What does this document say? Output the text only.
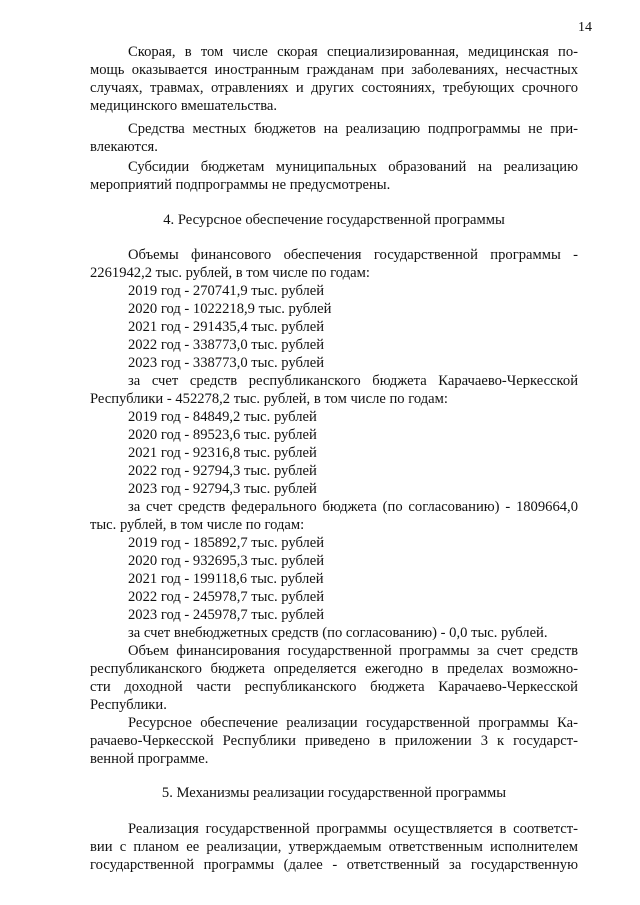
14
Скорая, в том числе скорая специализированная, медицинская по-
мощь оказывается иностранным гражданам при заболеваниях, несчастных
случаях, травмах, отравлениях и других состояниях, требующих срочного
медицинского вмешательства.
Средства местных бюджетов на реализацию подпрограммы не при-
влекаются.
Субсидии бюджетам муниципальных образований на реализацию
мероприятий подпрограммы не предусмотрены.
4. Ресурсное обеспечение государственной программы
Объемы финансового обеспечения государственной программы -
2261942,2 тыс. рублей, в том числе по годам:
2019 год - 270741,9 тыс. рублей
2020 год - 1022218,9 тыс. рублей
2021 год - 291435,4 тыс. рублей
2022 год - 338773,0 тыс. рублей
2023 год - 338773,0 тыс. рублей
за счет средств республиканского бюджета Карачаево-Черкесской
Республики - 452278,2 тыс. рублей, в том числе по годам:
2019 год - 84849,2 тыс. рублей
2020 год - 89523,6 тыс. рублей
2021 год - 92316,8 тыс. рублей
2022 год - 92794,3 тыс. рублей
2023 год - 92794,3 тыс. рублей
за счет средств федерального бюджета (по согласованию) - 1809664,0
тыс. рублей, в том числе по годам:
2019 год - 185892,7 тыс. рублей
2020 год - 932695,3 тыс. рублей
2021 год - 199118,6 тыс. рублей
2022 год - 245978,7 тыс. рублей
2023 год - 245978,7 тыс. рублей
за счет внебюджетных средств (по согласованию) - 0,0 тыс. рублей.
Объем финансирования государственной программы за счет средств
республиканского бюджета определяется ежегодно в пределах возможно-
сти доходной части республиканского бюджета Карачаево-Черкесской
Республики.
Ресурсное обеспечение реализации государственной программы Ка-
рачаево-Черкесской Республики приведено в приложении 3 к государст-
венной программе.
5. Механизмы реализации государственной программы
Реализация государственной программы осуществляется в соответст-
вии с планом ее реализации, утверждаемым ответственным исполнителем
государственной программы (далее - ответственный за государственную
